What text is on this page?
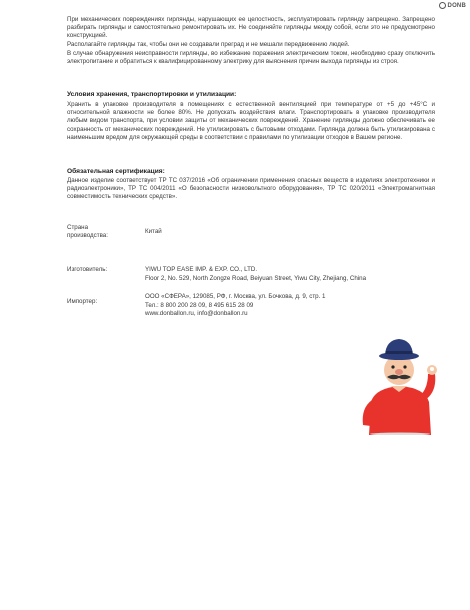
DONB

При механических повреждениях гирлянды, нарушающих ее целостность, эксплуатировать гирлянду запрещено. Запрещено разбирать гирлянды и самостоятельно ремонтировать их. Не соединяйте гирлянды между собой, если это не предусмотрено конструкцией.

Располагайте гирлянды так, чтобы они не создавали преград и не мешали передвижению людей.

В случае обнаружения неисправности гирлянды, во избежание поражения электрическим током, необходимо сразу отключить электропитание и обратиться к квалифицированному электрику для выяснения причин выхода гирлянды из строя.

Условия хранения, транспортировки и утилизации:

Хранить в упаковке производителя в помещениях с естественной вентиляцией при температуре от +5 до +45°С и относительной влажности не более 80%. Не допускать воздействия влаги. Транспортировать в упаковке производителя любым видом транспорта, при условии защиты от механических повреждений. Хранение гирлянды должно обеспечивать ее сохранность от механических повреждений. Не утилизировать с бытовыми отходами. Гирлянда должна быть утилизирована с наименьшим вредом для окружающей среды в соответствии с правилами по утилизации отходов в Вашем регионе.

Обязательная сертификация:

Данное изделие соответствует ТР ТС 037/2016 «Об ограничении применения опасных веществ в изделиях электротехники и радиоэлектроники», ТР ТС 004/2011 «О безопасности низковольтного оборудования», ТР ТС 020/2011 «Электромагнитная совместимость технических средств».

Страна
производства:
Китай
Изготовитель:	YIWU TOP EASE IMP. & EXP. CO., LTD.
Floor 2, No. 529, North Zongze Road, Beiyuan Street, Yiwu City, Zhejiang, China
Импортер:
ООО «СФЕРА», 129085, РФ, г. Москва, ул. Бочкова, д. 9, стр. 1
Тел.: 8 800 200 28 09, 8 495 615 28 09
www.donballon.ru, info@donballon.ru
